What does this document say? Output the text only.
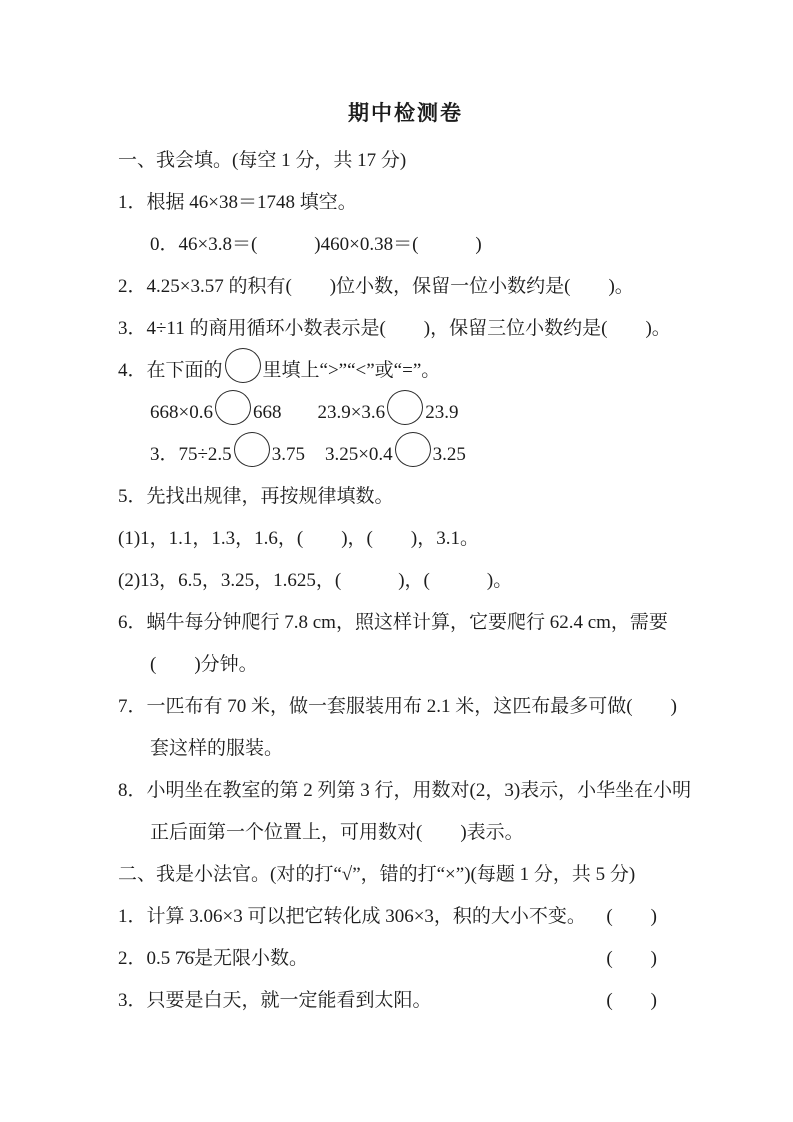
期中检测卷
一、我会填。(每空 1 分，共 17 分)
1．根据 46×38＝1748 填空。
0．46×3.8＝(　　　)460×0.38＝(　　　)
2．4.25×3.57 的积有(　　)位小数，保留一位小数约是(　　)。
3．4÷11 的商用循环小数表示是(　　)，保留三位小数约是(　　)。
4．在下面的 里填上“>”“<”或“=”。
668×0.6 668 23.9×3.6 23.9
3．75÷2.5 3.75 3.25×0.4 3.25
5．先找出规律，再按规律填数。
(1)1，1.1，1.3，1.6，(　　)，(　　)，3.1。
(2)13，6.5，3.25，1.625，(　　　)，(　　　)。
6．蜗牛每分钟爬行 7.8 cm，照这样计算，它要爬行 62.4 cm，需要
(　　)分钟。
7．一匹布有 70 米，做一套服装用布 2.1 米，这匹布最多可做(　　)
套这样的服装。
8．小明坐在教室的第 2 列第 3 行，用数对(2，3)表示，小华坐在小明
正后面第一个位置上，可用数对(　　)表示。
二、我是小法官。(对的打“√”，错的打“×”)(每题 1 分，共 5 分)
1．计算 3.06×3 可以把它转化成 306×3，积的大小不变。 (　　)
2．0.5 7̇6̇是无限小数。	(　　)
3．只要是白天，就一定能看到太阳。	(　　)
